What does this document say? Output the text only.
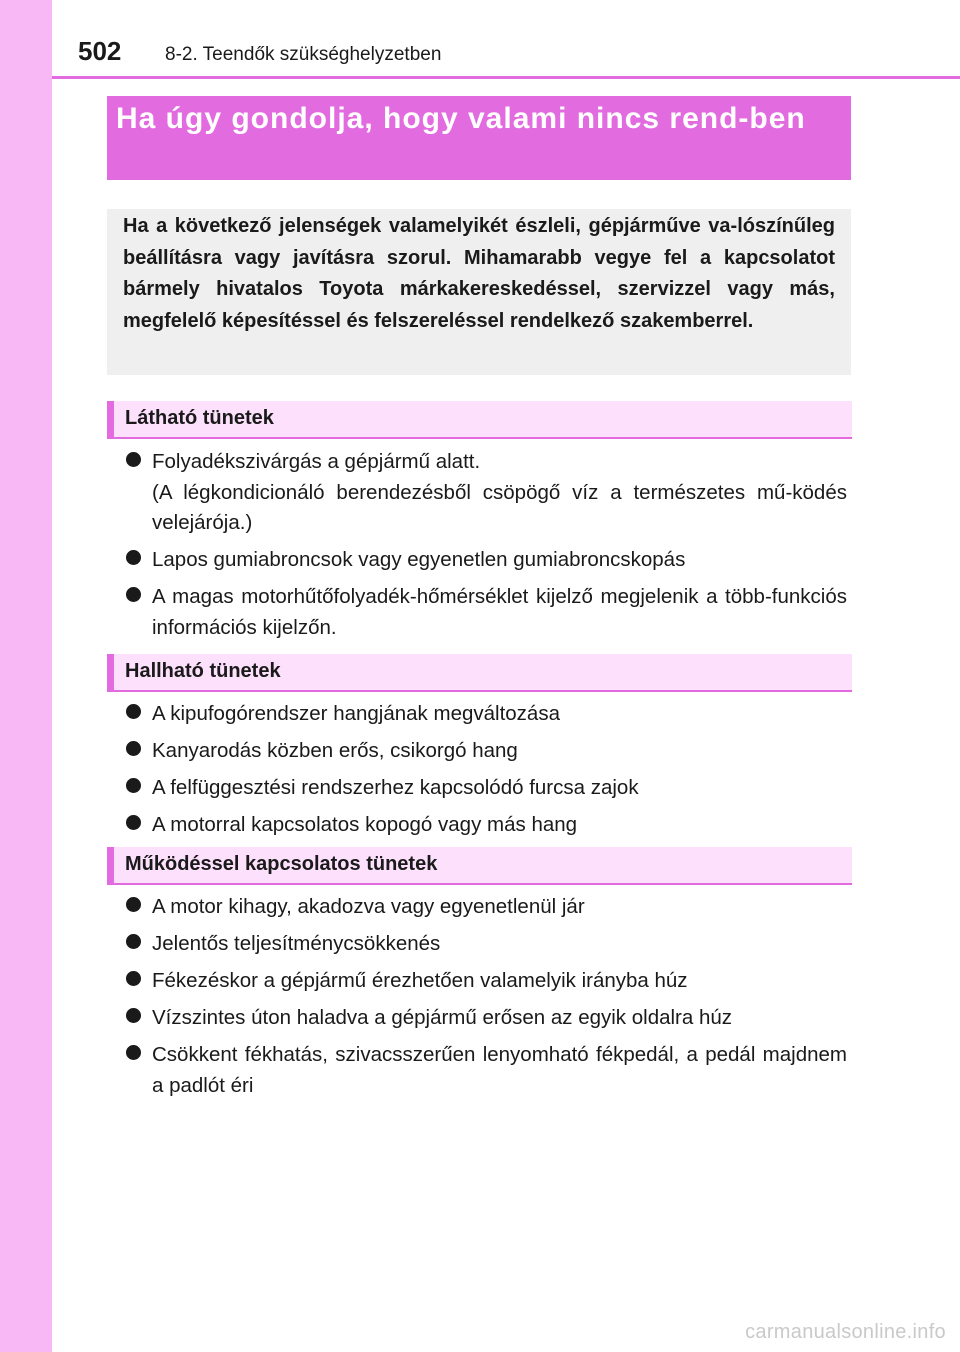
502 8-2. Teendők szükséghelyzetben
Ha úgy gondolja, hogy valami nincs rend-ben
Ha a következő jelenségek valamelyikét észleli, gépjárműve va-lószínűleg beállításra vagy javításra szorul. Mihamarabb vegye fel a kapcsolatot bármely hivatalos Toyota márkakereskedéssel, szervizzel vagy más, megfelelő képesítéssel és felszereléssel rendelkező szakemberrel.
Látható tünetek
Folyadékszivárgás a gépjármű alatt.
(A légkondicionáló berendezésből csöpögő víz a természetes mű-ködés velejárója.)
Lapos gumiabroncsok vagy egyenetlen gumiabroncskopás
A magas motorhűtőfolyadék-hőmérséklet kijelző megjelenik a több-funkciós információs kijelzőn.
Hallható tünetek
A kipufogórendszer hangjának megváltozása
Kanyarodás közben erős, csikorgó hang
A felfüggesztési rendszerhez kapcsolódó furcsa zajok
A motorral kapcsolatos kopogó vagy más hang
Működéssel kapcsolatos tünetek
A motor kihagy, akadozva vagy egyenetlenül jár
Jelentős teljesítménycsökkenés
Fékezéskor a gépjármű érezhetően valamelyik irányba húz
Vízszintes úton haladva a gépjármű erősen az egyik oldalra húz
Csökkent fékhatás, szivacsszerűen lenyomható fékpedál, a pedál majdnem a padlót éri
carmanualsonline.info
